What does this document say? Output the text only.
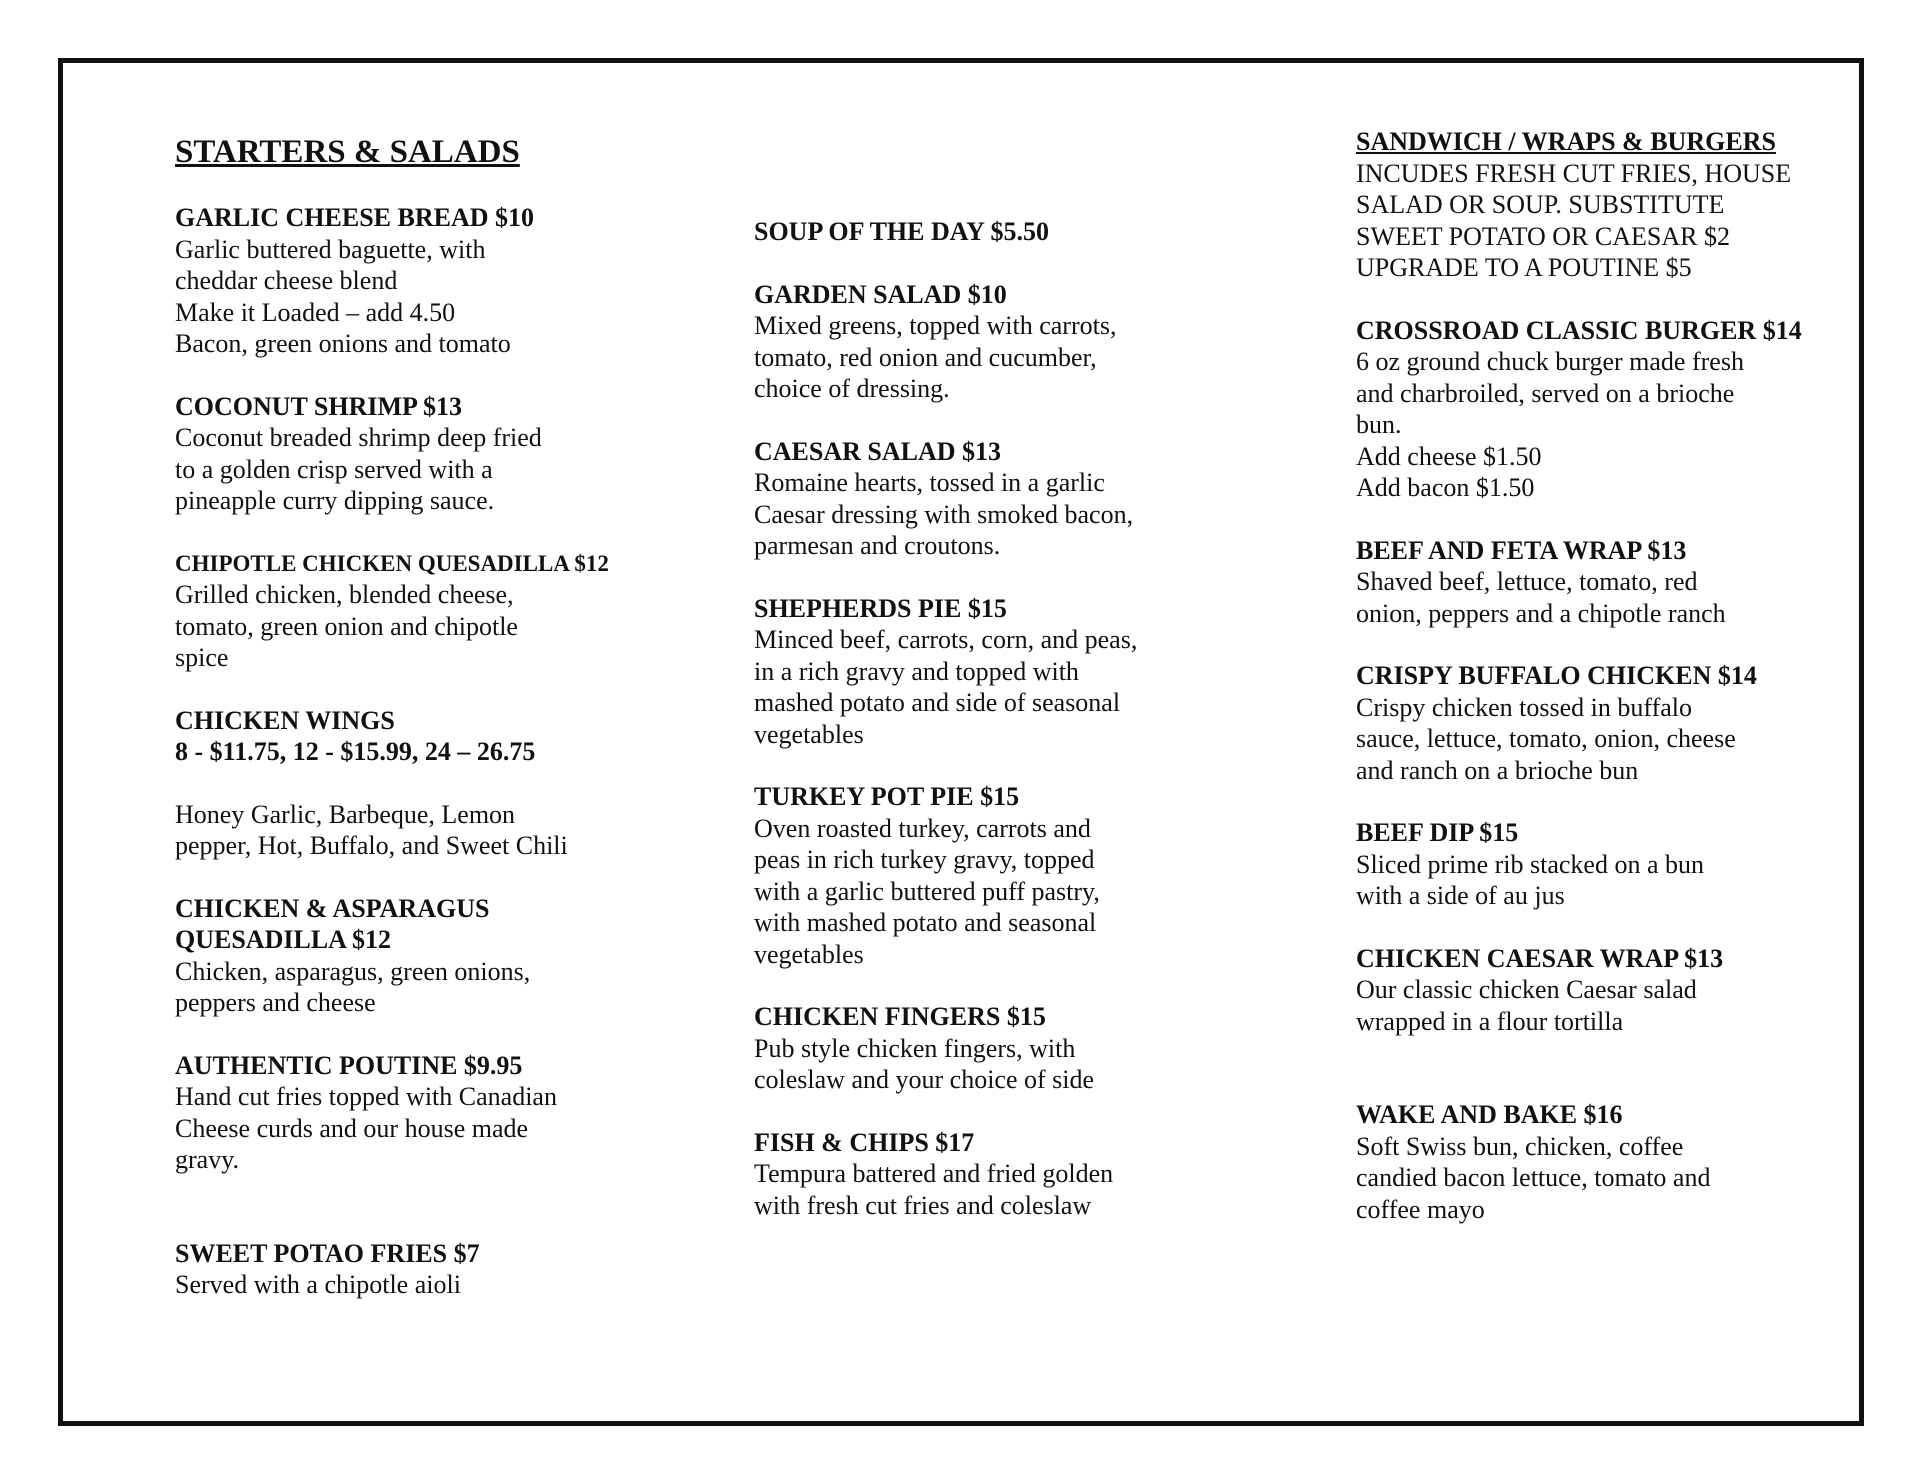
STARTERS & SALADS
GARLIC CHEESE BREAD $10
Garlic buttered baguette, with
cheddar cheese blend
Make it Loaded – add 4.50
Bacon, green onions and tomato
COCONUT SHRIMP $13
Coconut breaded shrimp deep fried
to a golden crisp served with a
pineapple curry dipping sauce.
CHIPOTLE CHICKEN QUESADILLA $12
Grilled chicken, blended cheese,
tomato, green onion and chipotle
spice
CHICKEN WINGS
8 - $11.75, 12 - $15.99, 24 – 26.75
Honey Garlic, Barbeque, Lemon
pepper, Hot, Buffalo, and Sweet Chili
CHICKEN & ASPARAGUS
QUESADILLA $12
Chicken, asparagus, green onions,
peppers and cheese
AUTHENTIC POUTINE $9.95
Hand cut fries topped with Canadian
Cheese curds and our house made
gravy.
SWEET POTAO FRIES $7
Served with a chipotle aioli
SOUP OF THE DAY $5.50
GARDEN SALAD $10
Mixed greens, topped with carrots,
tomato, red onion and cucumber,
choice of dressing.
CAESAR SALAD $13
Romaine hearts, tossed in a garlic
Caesar dressing with smoked bacon,
parmesan and croutons.
SHEPHERDS PIE $15
Minced beef, carrots, corn, and peas,
in a rich gravy and topped with
mashed potato and side of seasonal
vegetables
TURKEY POT PIE $15
Oven roasted turkey, carrots and
peas in rich turkey gravy, topped
with a garlic buttered puff pastry,
with mashed potato and seasonal
vegetables
CHICKEN FINGERS $15
Pub style chicken fingers, with
coleslaw and your choice of side
FISH & CHIPS $17
Tempura battered and fried golden
with fresh cut fries and coleslaw
SANDWICH / WRAPS & BURGERS

INCUDES FRESH CUT FRIES, HOUSE
SALAD OR SOUP. SUBSTITUTE
SWEET POTATO OR CAESAR $2
UPGRADE TO A POUTINE $5

CROSSROAD CLASSIC BURGER $14
6 oz ground chuck burger made fresh
and charbroiled, served on a brioche
bun.
Add cheese $1.50
Add bacon $1.50
BEEF AND FETA WRAP $13
Shaved beef, lettuce, tomato, red
onion, peppers and a chipotle ranch
CRISPY BUFFALO CHICKEN $14
Crispy chicken tossed in buffalo
sauce, lettuce, tomato, onion, cheese
and ranch on a brioche bun
BEEF DIP $15
Sliced prime rib stacked on a bun
with a side of au jus
CHICKEN CAESAR WRAP $13
Our classic chicken Caesar salad
wrapped in a flour tortilla
WAKE AND BAKE $16
Soft Swiss bun, chicken, coffee
candied bacon lettuce, tomato and
coffee mayo
